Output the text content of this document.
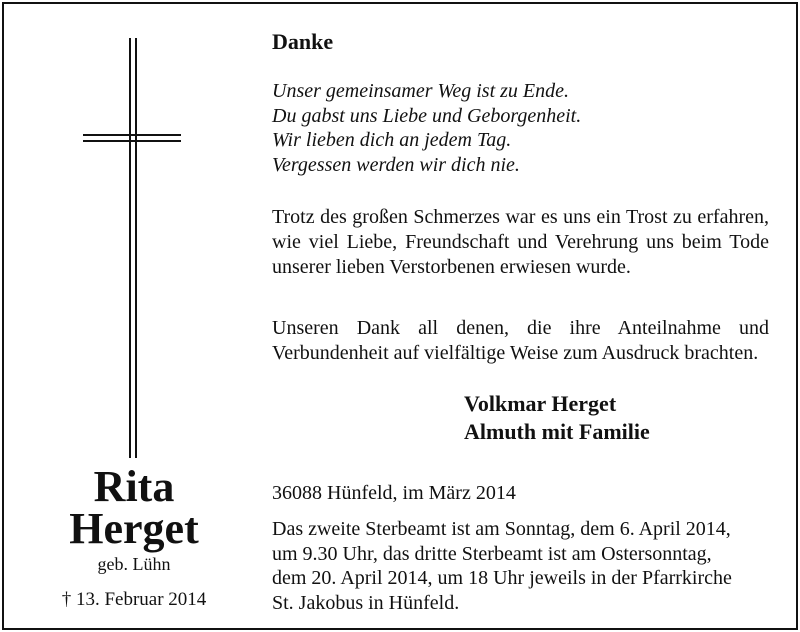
Rita
Herget
geb. Lühn
† 13. Februar 2014
Danke
Unser gemeinsamer Weg ist zu Ende.
Du gabst uns Liebe und Geborgenheit.
Wir lieben dich an jedem Tag.
Vergessen werden wir dich nie.
Trotz des großen Schmerzes war es uns ein Trost zu erfahren, wie viel Liebe, Freundschaft und Verehrung uns beim Tode unserer lieben Verstorbenen erwiesen wurde.
Unseren Dank all denen, die ihre Anteilnahme und Verbundenheit auf vielfältige Weise zum Ausdruck brachten.
Volkmar Herget
Almuth mit Familie
36088 Hünfeld, im März 2014
Das zweite Sterbeamt ist am Sonntag, dem 6. April 2014,
um 9.30 Uhr, das dritte Sterbeamt ist am Ostersonntag,
dem 20. April 2014, um 18 Uhr jeweils in der Pfarrkirche
St. Jakobus in Hünfeld.
